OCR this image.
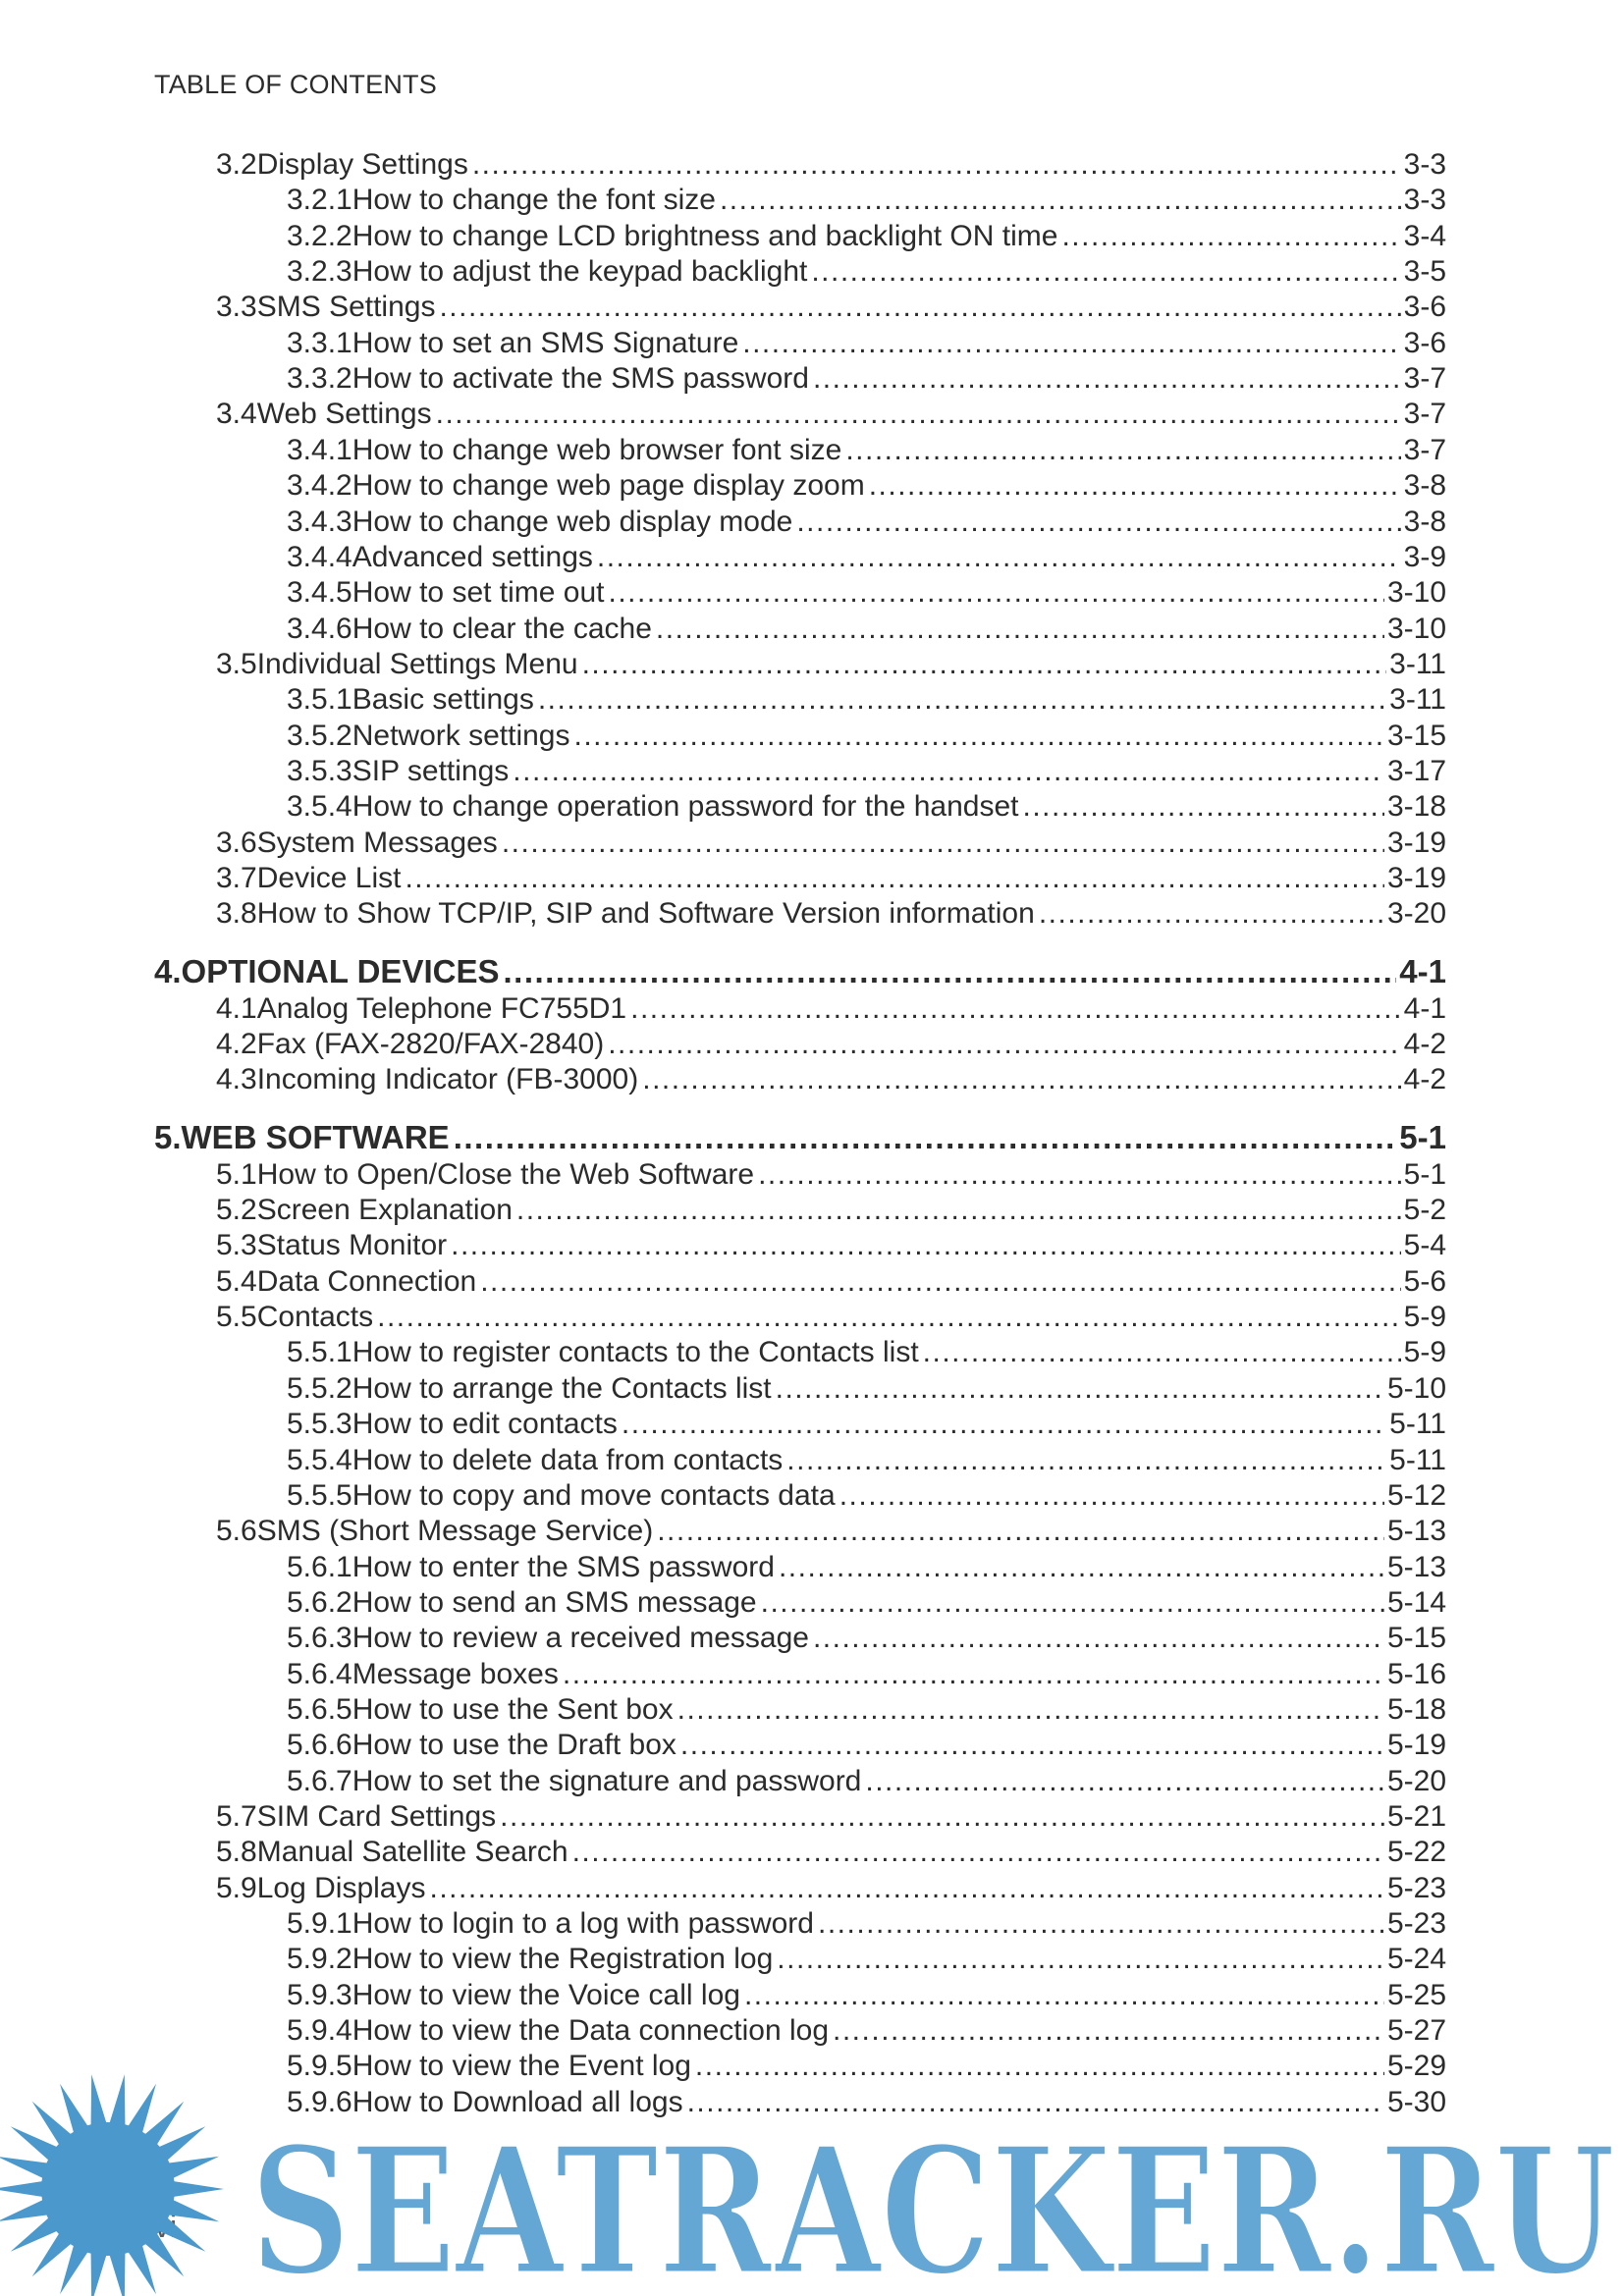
TABLE OF CONTENTS
3.2 Display Settings .....	3-3
3.2.1 How to change the font size .....	3-3
3.2.2 How to change LCD brightness and backlight ON time .....	3-4
3.2.3 How to adjust the keypad backlight .....	3-5
3.3 SMS Settings .....	3-6
3.3.1 How to set an SMS Signature .....	3-6
3.3.2 How to activate the SMS password .....	3-7
3.4 Web Settings .....	3-7
3.4.1 How to change web browser font size .....	3-7
3.4.2 How to change web page display zoom .....	3-8
3.4.3 How to change web display mode .....	3-8
3.4.4 Advanced settings .....	3-9
3.4.5 How to set time out .....	3-10
3.4.6 How to clear the cache .....	3-10
3.5 Individual Settings Menu .....	3-11
3.5.1 Basic settings .....	3-11
3.5.2 Network settings .....	3-15
3.5.3 SIP settings .....	3-17
3.5.4 How to change operation password for the handset .....	3-18
3.6 System Messages .....	3-19
3.7 Device List .....	3-19
3.8 How to Show TCP/IP, SIP and Software Version information .....	3-20
4. OPTIONAL DEVICES .....	4-1
4.1 Analog Telephone FC755D1 .....	4-1
4.2 Fax (FAX-2820/FAX-2840) .....	4-2
4.3 Incoming Indicator (FB-3000) .....	4-2
5. WEB SOFTWARE .....	5-1
5.1 How to Open/Close the Web Software .....	5-1
5.2 Screen Explanation .....	5-2
5.3 Status Monitor .....	5-4
5.4 Data Connection .....	5-6
5.5 Contacts .....	5-9
5.5.1 How to register contacts to the Contacts list .....	5-9
5.5.2 How to arrange the Contacts list .....	5-10
5.5.3 How to edit contacts .....	5-11
5.5.4 How to delete data from contacts .....	5-11
5.5.5 How to copy and move contacts data .....	5-12
5.6 SMS (Short Message Service) .....	5-13
5.6.1 How to enter the SMS password .....	5-13
5.6.2 How to send an SMS message .....	5-14
5.6.3 How to review a received message .....	5-15
5.6.4 Message boxes .....	5-16
5.6.5 How to use the Sent box .....	5-18
5.6.6 How to use the Draft box .....	5-19
5.6.7 How to set the signature and password .....	5-20
5.7 SIM Card Settings .....	5-21
5.8 Manual Satellite Search .....	5-22
5.9 Log Displays .....	5-23
5.9.1 How to login to a log with password .....	5-23
5.9.2 How to view the Registration log .....	5-24
5.9.3 How to view the Voice call log .....	5-25
5.9.4 How to view the Data connection log .....	5-27
5.9.5 How to view the Event log .....	5-29
5.9.6 How to Download all logs .....	5-30
SEATRACKER.RU
